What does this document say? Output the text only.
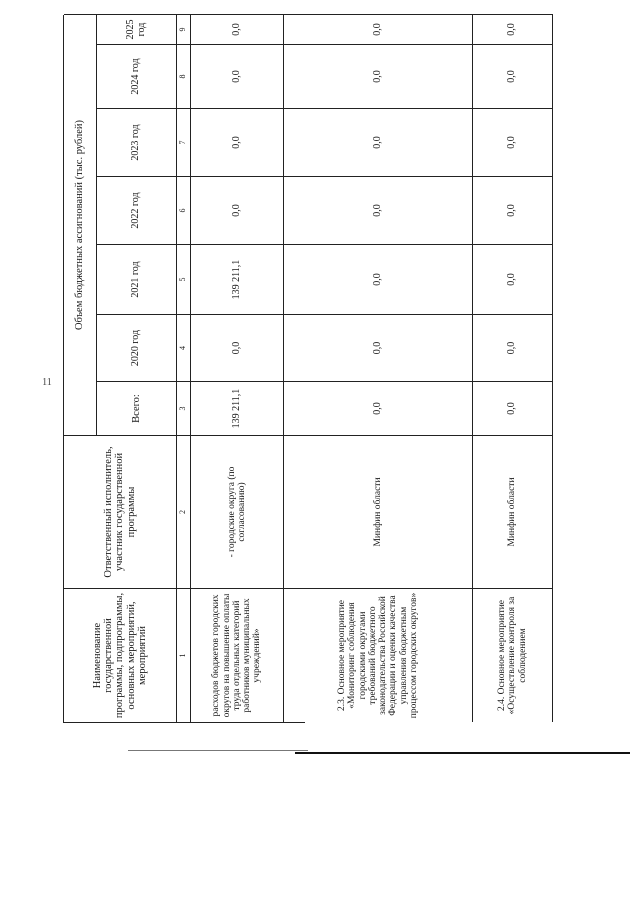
11
Наименование государственной программы, подпрограммы, основных мероприятий, мероприятий
Ответственный исполнитель, участник государственной программы
Объем бюджетных ассигнований (тыс. рублей)
Всего:
2020 год
2021 год
2022 год
2023 год
2024 год
2025 год
1
2
3
4
5
6
7
8
9
расходов бюджетов городских округов на повышение оплаты труда отдельных категорий работников муниципальных учреждений»
- городские округа (по согласованию)
139 211,1
0,0
139 211,1
0,0
0,0
0,0
0,0
2.3. Основное мероприятие «Мониторинг соблюдения городскими округами требований бюджетного законодательства Российской Федерации и оценки качества управления бюджетным процессом городских округов»
Минфин области
0,0
0,0
0,0
0,0
0,0
0,0
0,0
2.4. Основное мероприятие «Осуществление контроля за соблюдением
Минфин области
0,0
0,0
0,0
0,0
0,0
0,0
0,0
